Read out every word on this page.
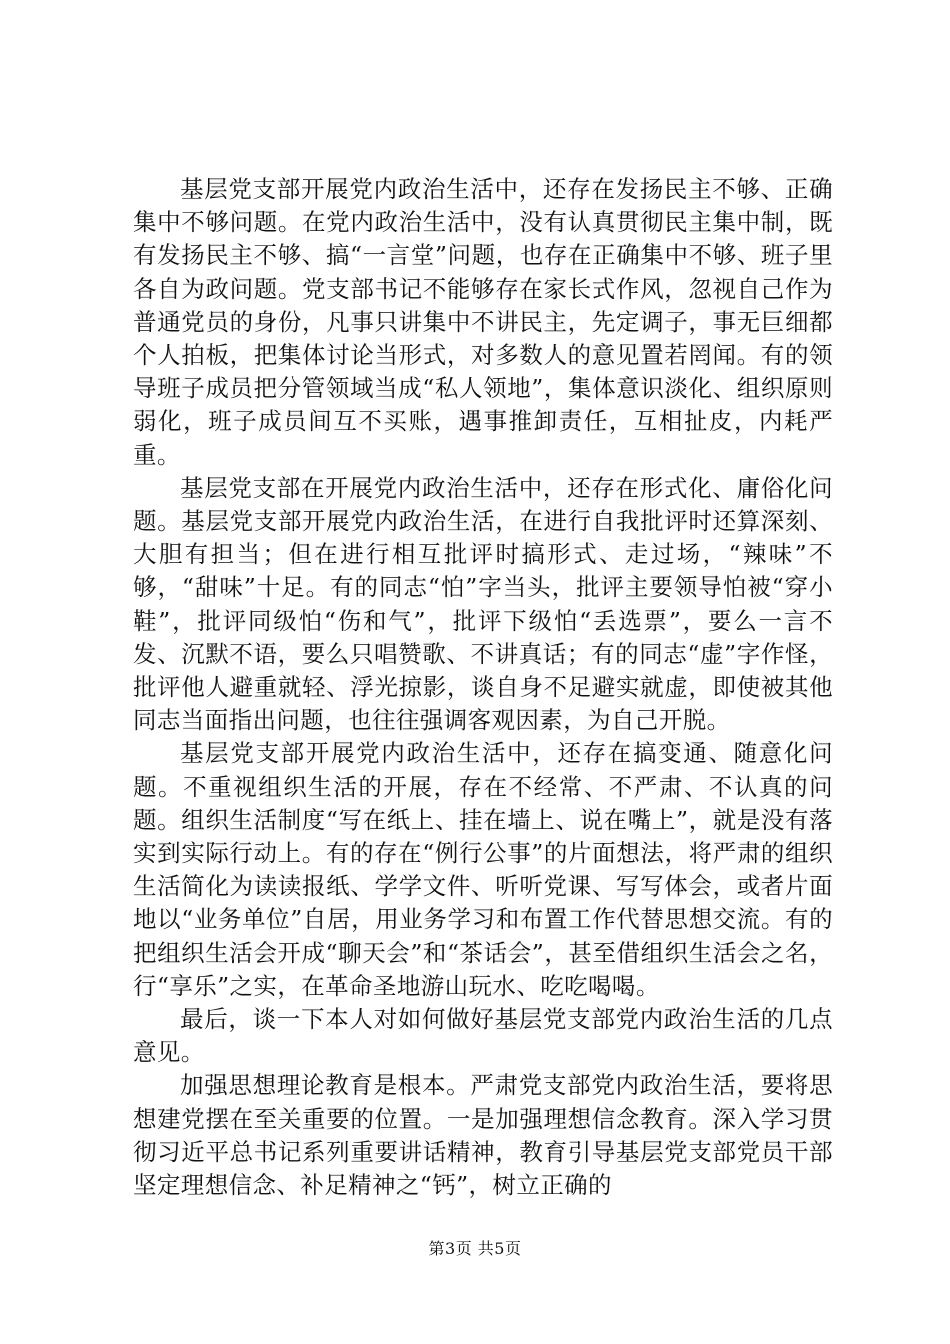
基层党支部开展党内政治生活中，还存在发扬民主不够、正确集中不够问题。在党内政治生活中，没有认真贯彻民主集中制，既有发扬民主不够、搞“一言堂”问题，也存在正确集中不够、班子里各自为政问题。党支部书记不能够存在家长式作风，忽视自己作为普通党员的身份，凡事只讲集中不讲民主，先定调子，事无巨细都个人拍板，把集体讨论当形式，对多数人的意见置若罔闻。有的领导班子成员把分管领域当成“私人领地”，集体意识淡化、组织原则弱化，班子成员间互不买账，遇事推卸责任，互相扯皮，内耗严重。

基层党支部在开展党内政治生活中，还存在形式化、庸俗化问题。基层党支部开展党内政治生活，在进行自我批评时还算深刻、大胆有担当；但在进行相互批评时搞形式、走过场，“辣味”不够，“甜味”十足。有的同志“怕”字当头，批评主要领导怕被“穿小鞋”，批评同级怕“伤和气”，批评下级怕“丢选票”，要么一言不发、沉默不语，要么只唱赞歌、不讲真话；有的同志“虚”字作怪，批评他人避重就轻、浮光掠影，谈自身不足避实就虚，即使被其他同志当面指出问题，也往往强调客观因素，为自己开脱。

基层党支部开展党内政治生活中，还存在搞变通、随意化问题。不重视组织生活的开展，存在不经常、不严肃、不认真的问题。组织生活制度“写在纸上、挂在墙上、说在嘴上”，就是没有落实到实际行动上。有的存在“例行公事”的片面想法，将严肃的组织生活简化为读读报纸、学学文件、听听党课、写写体会，或者片面地以“业务单位”自居，用业务学习和布置工作代替思想交流。有的把组织生活会开成“聊天会”和“茶话会”，甚至借组织生活会之名，行“享乐”之实，在革命圣地游山玩水、吃吃喝喝。

最后，谈一下本人对如何做好基层党支部党内政治生活的几点意见。

加强思想理论教育是根本。严肃党支部党内政治生活，要将思想建党摆在至关重要的位置。一是加强理想信念教育。深入学习贯彻习近平总书记系列重要讲话精神，教育引导基层党支部党员干部坚定理想信念、补足精神之“钙”，树立正确的

第3页 共5页
